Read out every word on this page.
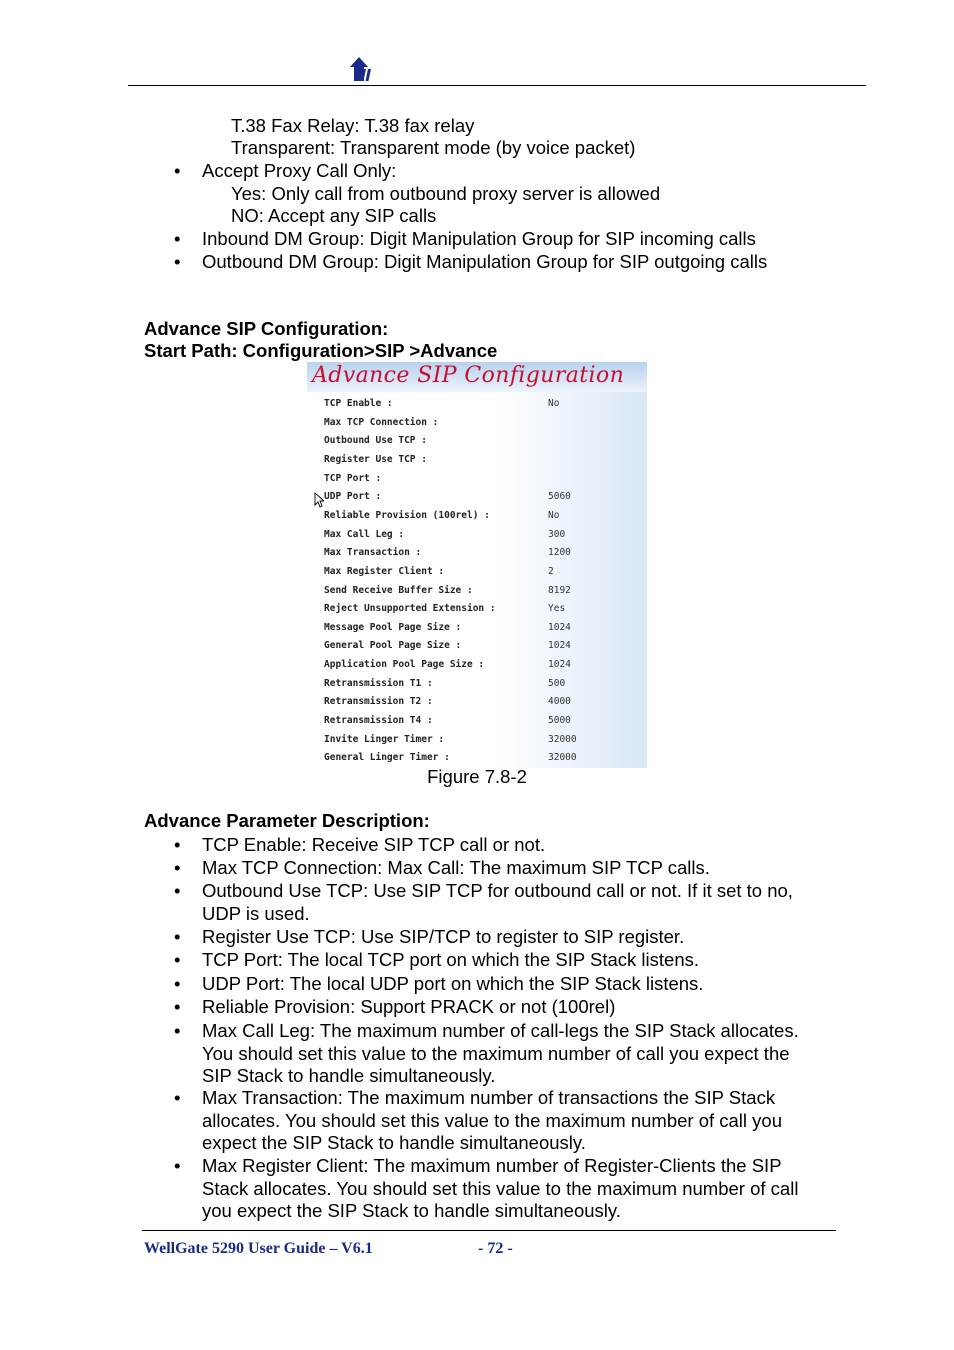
T.38 Fax Relay: T.38 fax relay
Transparent: Transparent mode (by voice packet)
•	Accept Proxy Call Only:
Yes: Only call from outbound proxy server is allowed
NO: Accept any SIP calls
•	Inbound DM Group: Digit Manipulation Group for SIP incoming calls
•	Outbound DM Group: Digit Manipulation Group for SIP outgoing calls
Advance SIP Configuration:
Start Path: Configuration>SIP >Advance
Advance SIP Configuration
TCP Enable :	No
Max TCP Connection :
Outbound Use TCP :
Register Use TCP :
TCP Port :
UDP Port :	5060
Reliable Provision (100rel) :	No
Max Call Leg :	300
Max Transaction :	1200
Max Register Client :	2
Send Receive Buffer Size :	8192
Reject Unsupported Extension :	Yes
Message Pool Page Size :	1024
General Pool Page Size :	1024
Application Pool Page Size :	1024
Retransmission T1 :	500
Retransmission T2 :	4000
Retransmission T4 :	5000
Invite Linger Timer :	32000
General Linger Timer :	32000
Figure 7.8-2
Advance Parameter Description:
•	TCP Enable: Receive SIP TCP call or not.
•	Max TCP Connection: Max Call: The maximum SIP TCP calls.
•	Outbound Use TCP: Use SIP TCP for outbound call or not. If it set to no, UDP is used.
•	Register Use TCP: Use SIP/TCP to register to SIP register.
•	TCP Port: The local TCP port on which the SIP Stack listens.
•	UDP Port: The local UDP port on which the SIP Stack listens.
•	Reliable Provision: Support PRACK or not (100rel)
•	Max Call Leg: The maximum number of call-legs the SIP Stack allocates. You should set this value to the maximum number of call you expect the SIP Stack to handle simultaneously.
•	Max Transaction: The maximum number of transactions the SIP Stack allocates. You should set this value to the maximum number of call you expect the SIP Stack to handle simultaneously.
•	Max Register Client: The maximum number of Register-Clients the SIP Stack allocates. You should set this value to the maximum number of call you expect the SIP Stack to handle simultaneously.
WellGate 5290 User Guide – V6.1	- 72 -
